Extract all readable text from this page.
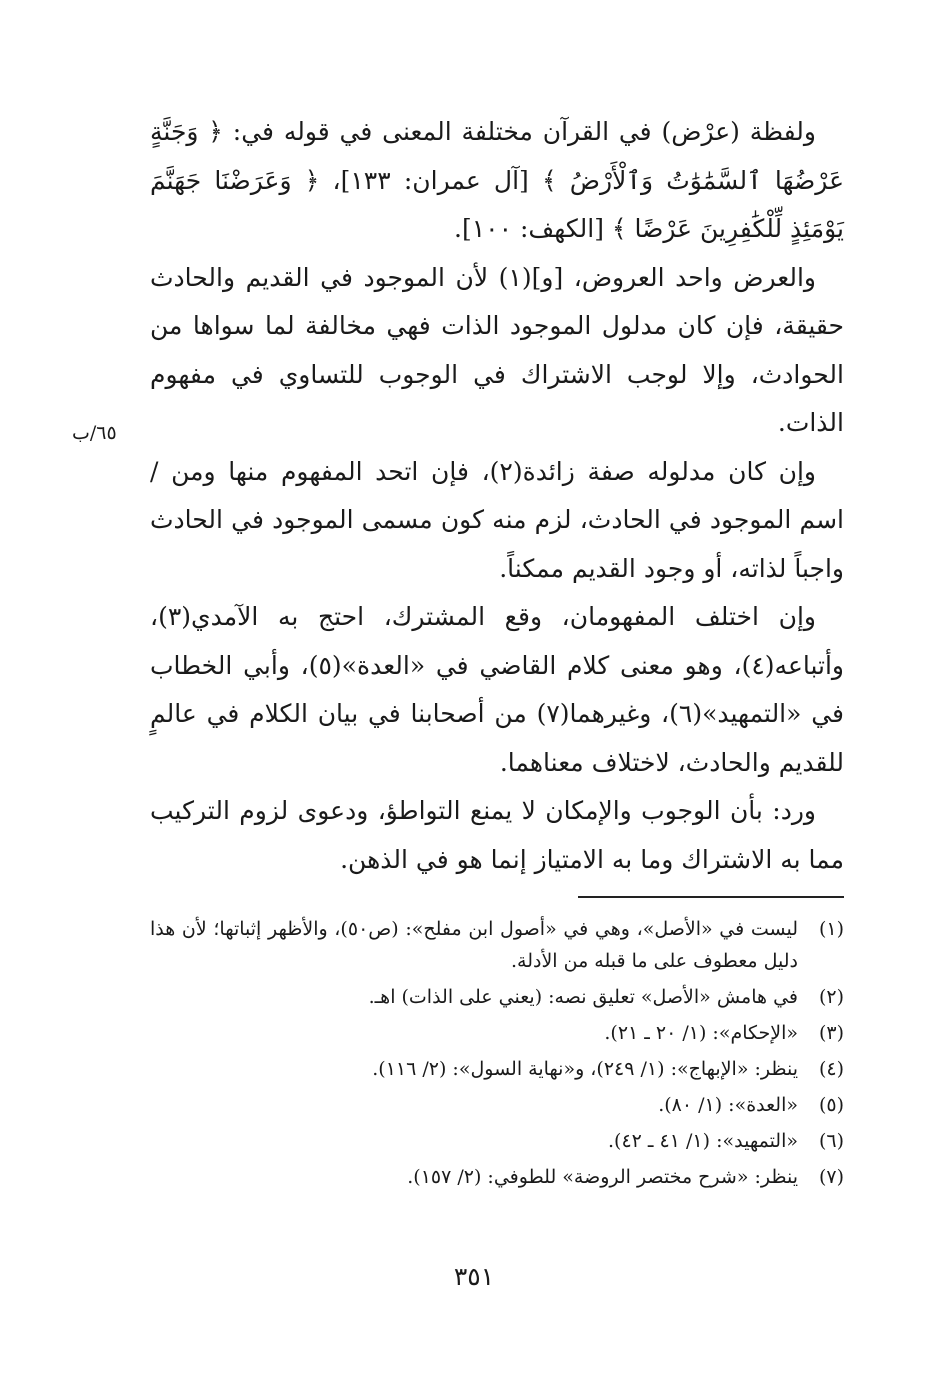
ولفظة (عرْض) في القرآن مختلفة المعنى في قوله في: ﴿ وَجَنَّةٍ عَرْضُهَا ٱلسَّمَٰوَٰتُ وَٱلْأَرْضُ ﴾ [آل عمران: ١٣٣]، ﴿ وَعَرَضْنَا جَهَنَّمَ يَوْمَئِذٍ لِّلْكَٰفِرِينَ عَرْضًا ﴾ [الكهف: ١٠٠].

والعرض واحد العروض، [و](١) لأن الموجود في القديم والحادث حقيقة، فإن كان مدلول الموجود الذات فهي مخالفة لما سواها من الحوادث، وإلا لوجب الاشتراك في الوجوب للتساوي في مفهوم الذات.

وإن كان مدلوله صفة زائدة(٢)، فإن اتحد المفهوم منها ومن / اسم الموجود في الحادث، لزم منه كون مسمى الموجود في الحادث واجباً لذاته، أو وجود القديم ممكناً.

وإن اختلف المفهومان، وقع المشترك، احتج به الآمدي(٣)، وأتباعه(٤)، وهو معنى كلام القاضي في «العدة»(٥)، وأبي الخطاب في «التمهيد»(٦)، وغيرهما(٧) من أصحابنا في بيان الكلام في عالمٍ للقديم والحادث، لاختلاف معناهما.

ورد: بأن الوجوب والإمكان لا يمنع التواطؤ، ودعوى لزوم التركيب مما به الاشتراك وما به الامتياز إنما هو في الذهن.

٦٥/ب
(١)
ليست في «الأصل»، وهي في «أصول ابن مفلح»: (ص٥٠)، والأظهر إثباتها؛ لأن هذا دليل معطوف على ما قبله من الأدلة.
(٢)
في هامش «الأصل» تعليق نصه: (يعني على الذات) اهـ.
(٣)
«الإحكام»: (١/ ٢٠ ـ ٢١).
(٤)
ينظر: «الإبهاج»: (١/ ٢٤٩)، و«نهاية السول»: (٢/ ١١٦).
(٥)
«العدة»: (١/ ٨٠).
(٦)
«التمهيد»: (١/ ٤١ ـ ٤٢).
(٧)
ينظر: «شرح مختصر الروضة» للطوفي: (٢/ ١٥٧).
٣٥١
